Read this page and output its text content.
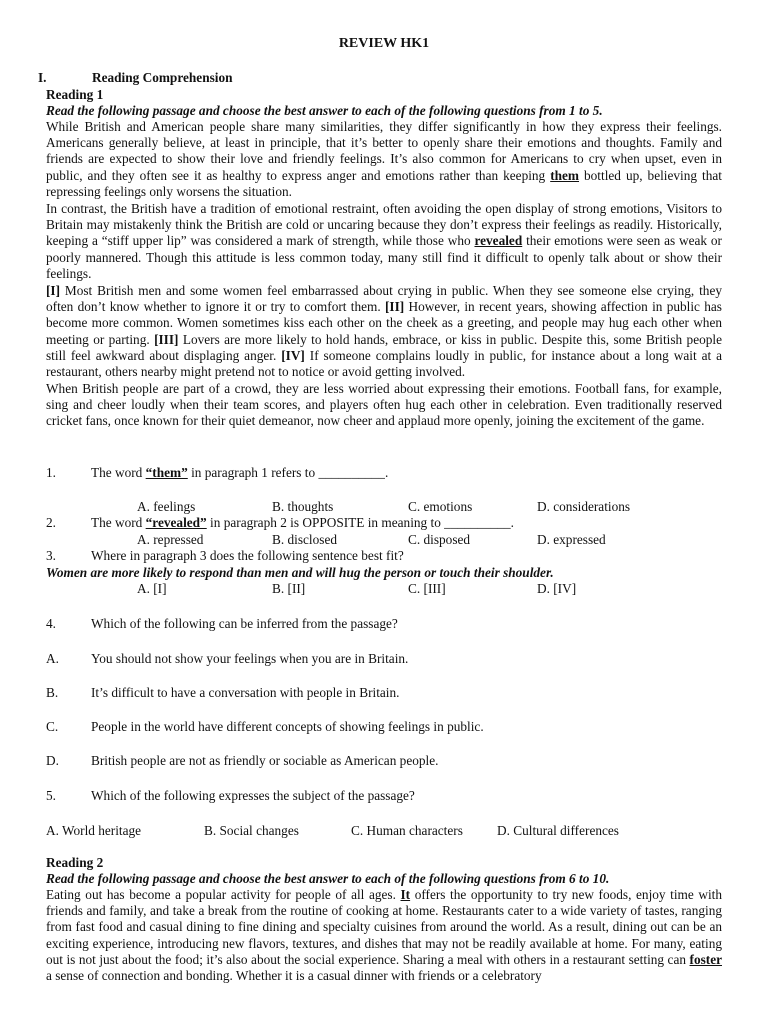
REVIEW HK1
I.	Reading Comprehension
Reading 1
Read the following passage and choose the best answer to each of the following questions from 1 to 5.
While British and American people share many similarities, they differ significantly in how they express their feelings. Americans generally believe, at least in principle, that it’s better to openly share their emotions and thoughts. Family and friends are expected to show their love and friendly feelings. It’s also common for Americans to cry when upset, even in public, and they often see it as healthy to express anger and emotions rather than keeping them bottled up, believing that repressing feelings only worsens the situation.
In contrast, the British have a tradition of emotional restraint, often avoiding the open display of strong emotions, Visitors to Britain may mistakenly think the British are cold or uncaring because they don’t express their feelings as readily. Historically, keeping a “stiff upper lip” was considered a mark of strength, while those who revealed their emotions were seen as weak or poorly mannered. Though this attitude is less common today, many still find it difficult to openly talk about or show their feelings.
[I] Most British men and some women feel embarrassed about crying in public. When they see someone else crying, they often don’t know whether to ignore it or try to comfort them. [II] However, in recent years, showing affection in public has become more common. Women sometimes kiss each other on the cheek as a greeting, and people may hug each other when meeting or parting. [III] Lovers are more likely to hold hands, embrace, or kiss in public. Despite this, some British people still feel awkward about displaging anger. [IV] If someone complains loudly in public, for instance about a long wait at a restaurant, others nearby might pretend not to notice or avoid getting involved.
When British people are part of a crowd, they are less worried about expressing their emotions. Football fans, for example, sing and cheer loudly when their team scores, and players often hug each other in celebration. Even traditionally reserved cricket fans, once known for their quiet demeanor, now cheer and applaud more openly, joining the excitement of the game.
1.	The word “them” in paragraph 1 refers to __________.
A. feelings	B. thoughts	C. emotions	D. considerations
2.	The word “revealed” in paragraph 2 is OPPOSITE in meaning to __________.
A. repressed	B. disclosed	C. disposed	D. expressed
3.	Where in paragraph 3 does the following sentence best fit?
Women are more likely to respond than men and will hug the person or touch their shoulder.
A. [I]	B. [II]	C. [III]	D. [IV]
4.	Which of the following can be inferred from the passage?
A. You should not show your feelings when you are in Britain.
B. It’s difficult to have a conversation with people in Britain.
C. People in the world have different concepts of showing feelings in public.
D. British people are not as friendly or sociable as American people.
5.	Which of the following expresses the subject of the passage?
A. World heritage	B. Social changes	C. Human characters	D. Cultural differences
Reading 2
Read the following passage and choose the best answer to each of the following questions from 6 to 10.
Eating out has become a popular activity for people of all ages. It offers the opportunity to try new foods, enjoy time with friends and family, and take a break from the routine of cooking at home. Restaurants cater to a wide variety of tastes, ranging from fast food and casual dining to fine dining and specialty cuisines from around the world. As a result, dining out can be an exciting experience, introducing new flavors, textures, and dishes that may not be readily available at home. For many, eating out is not just about the food; it’s also about the social experience. Sharing a meal with others in a restaurant setting can foster a sense of connection and bonding. Whether it is a casual dinner with friends or a celebratory
